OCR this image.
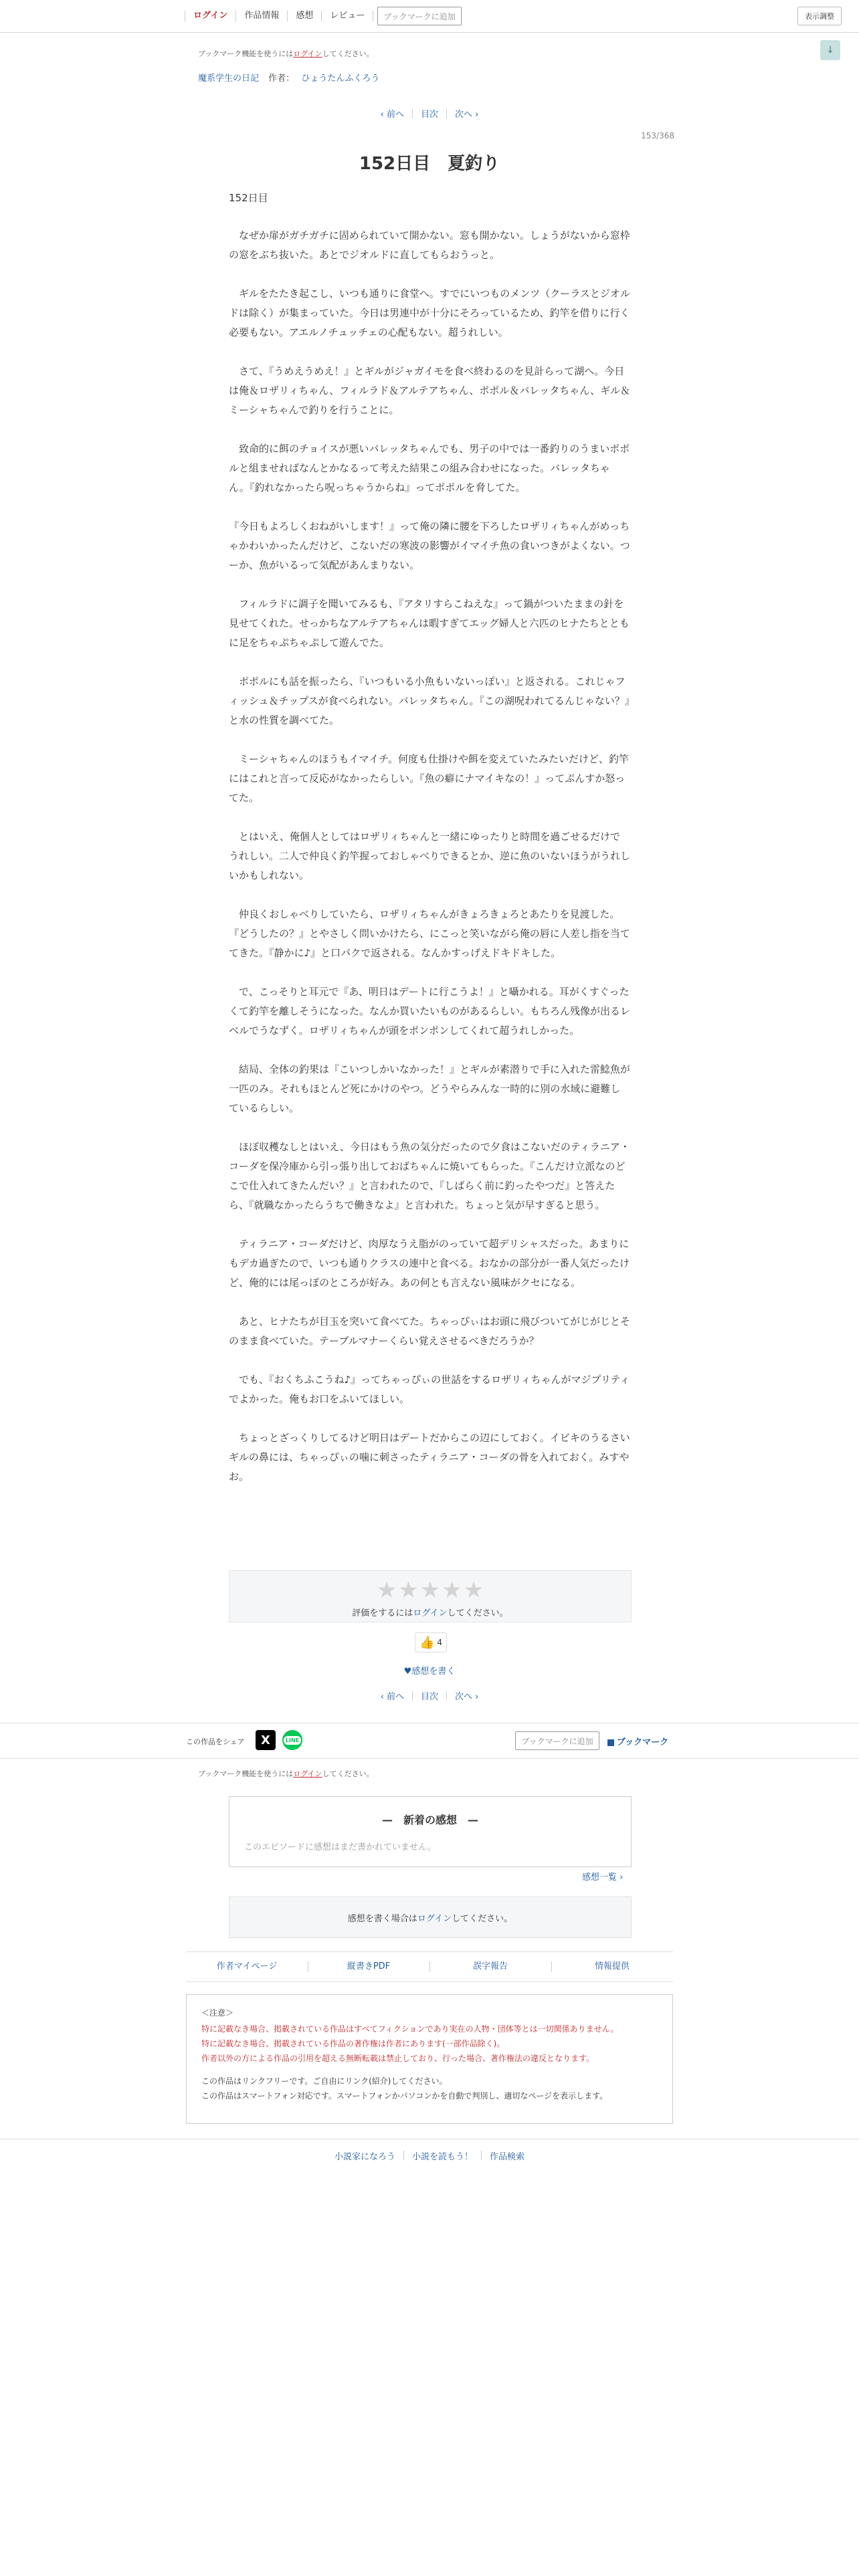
ログイン	作品情報	感想	レビュー	ブックマークに追加	表示調整
↓
ブックマーク機能を使うにはログインしてください。
魔系学生の日記 作者： ひょうたんふくろう
‹ 前へ	目次	次へ ›
153/368
152日目　夏釣り
152日目

　なぜか扉がガチガチに固められていて開かない。窓も開かない。しょうがないから窓枠の窓をぶち抜いた。あとでジオルドに直してもらおうっと。

　ギルをたたき起こし、いつも通りに食堂へ。すでにいつものメンツ（クーラスとジオルドは除く）が集まっていた。今日は男連中が十分にそろっているため、釣竿を借りに行く必要もない。アエルノチュッチェの心配もない。超うれしい。

　さて、『うめえうめえ！』とギルがジャガイモを食べ終わるのを見計らって湖へ。今日は俺＆ロザリィちゃん、フィルラド＆アルテアちゃん、ポポル＆バレッタちゃん、ギル＆ミーシャちゃんで釣りを行うことに。

　致命的に餌のチョイスが悪いバレッタちゃんでも、男子の中では一番釣りのうまいポポルと組ませればなんとかなるって考えた結果この組み合わせになった。バレッタちゃん。『釣れなかったら呪っちゃうからね』ってポポルを脅してた。

『今日もよろしくおねがいします！』って俺の隣に腰を下ろしたロザリィちゃんがめっちゃかわいかったんだけど、こないだの寒波の影響がイマイチ魚の食いつきがよくない。つーか、魚がいるって気配があんまりない。

　フィルラドに調子を聞いてみるも、『アタリすらこねえな』って鍋がついたままの針を見せてくれた。せっかちなアルテアちゃんは暇すぎてエッグ婦人と六匹のヒナたちとともに足をちゃぷちゃぷして遊んでた。

　ポポルにも話を振ったら、『いつもいる小魚もいないっぽい』と返される。これじゃフィッシュ＆チップスが食べられない。バレッタちゃん。『この湖呪われてるんじゃない？』と水の性質を調べてた。

　ミーシャちゃんのほうもイマイチ。何度も仕掛けや餌を変えていたみたいだけど、釣竿にはこれと言って反応がなかったらしい。『魚の癖にナマイキなの！』ってぷんすか怒ってた。

　とはいえ、俺個人としてはロザリィちゃんと一緒にゆったりと時間を過ごせるだけでうれしい。二人で仲良く釣竿握っておしゃべりできるとか、逆に魚のいないほうがうれしいかもしれない。

　仲良くおしゃべりしていたら、ロザリィちゃんがきょろきょろとあたりを見渡した。『どうしたの？』とやさしく問いかけたら、にこっと笑いながら俺の唇に人差し指を当ててきた。『静かに♪』と口パクで返される。なんかすっげえドキドキした。

　で、こっそりと耳元で『あ、明日はデートに行こうよ！』と囁かれる。耳がくすぐったくて釣竿を離しそうになった。なんか買いたいものがあるらしい。もちろん残像が出るレベルでうなずく。ロザリィちゃんが頭をポンポンしてくれて超うれしかった。

　結局、全体の釣果は『こいつしかいなかった！』とギルが素潜りで手に入れた雷鯰魚が一匹のみ。それもほとんど死にかけのやつ。どうやらみんな一時的に別の水域に避難しているらしい。

　ほぼ収穫なしとはいえ、今日はもう魚の気分だったので夕食はこないだのティラニア・コーダを保冷庫から引っ張り出しておばちゃんに焼いてもらった。『こんだけ立派なのどこで仕入れてきたんだい？』と言われたので、『しばらく前に釣ったやつだ』と答えたら、『就職なかったらうちで働きなよ』と言われた。ちょっと気が早すぎると思う。

　ティラニア・コーダだけど、肉厚なうえ脂がのっていて超デリシャスだった。あまりにもデカ過ぎたので、いつも通りクラスの連中と食べる。おなかの部分が一番人気だったけど、俺的には尾っぽのところが好み。あの何とも言えない風味がクセになる。

　あと、ヒナたちが目玉を突いて食べてた。ちゃっぴぃはお頭に飛びついてがじがじとそのまま食べていた。テーブルマナーくらい覚えさせるべきだろうか？

　でも、『おくちふこうね♪』ってちゃっぴぃの世話をするロザリィちゃんがマジプリティでよかった。俺もお口をふいてほしい。

　ちょっとざっくりしてるけど明日はデートだからこの辺にしておく。イビキのうるさいギルの鼻には、ちゃっぴぃの噛に刺さったティラニア・コーダの骨を入れておく。みすやお。

★ ★ ★ ★ ★
評価をするにはログインしてください。
👍 4
♥感想を書く
‹ 前へ	目次	次へ ›
この作品をシェア	X	LINE	ブックマークに追加	ブックマーク
ブックマーク機能を使うにはログインしてください。
—　新着の感想　—
このエピソードに感想はまだ書かれていません。
感想一覧 ›
感想を書く場合は ログイン してください。
作者マイページ	縦書きPDF	誤字報告	情報提供
＜注意＞
特に記載なき場合、掲載されている作品はすべてフィクションであり実在の人物・団体等とは一切関係ありません。
特に記載なき場合、掲載されている作品の著作権は作者にあります(一部作品除く)。
作者以外の方による作品の引用を超える無断転載は禁止しており、行った場合、著作権法の違反となります。
この作品はリンクフリーです。ご自由にリンク(紹介)してください。
この作品はスマートフォン対応です。スマートフォンかパソコンかを自動で判別し、適切なページを表示します。
小説家になろう	小説を読もう！	作品検索
